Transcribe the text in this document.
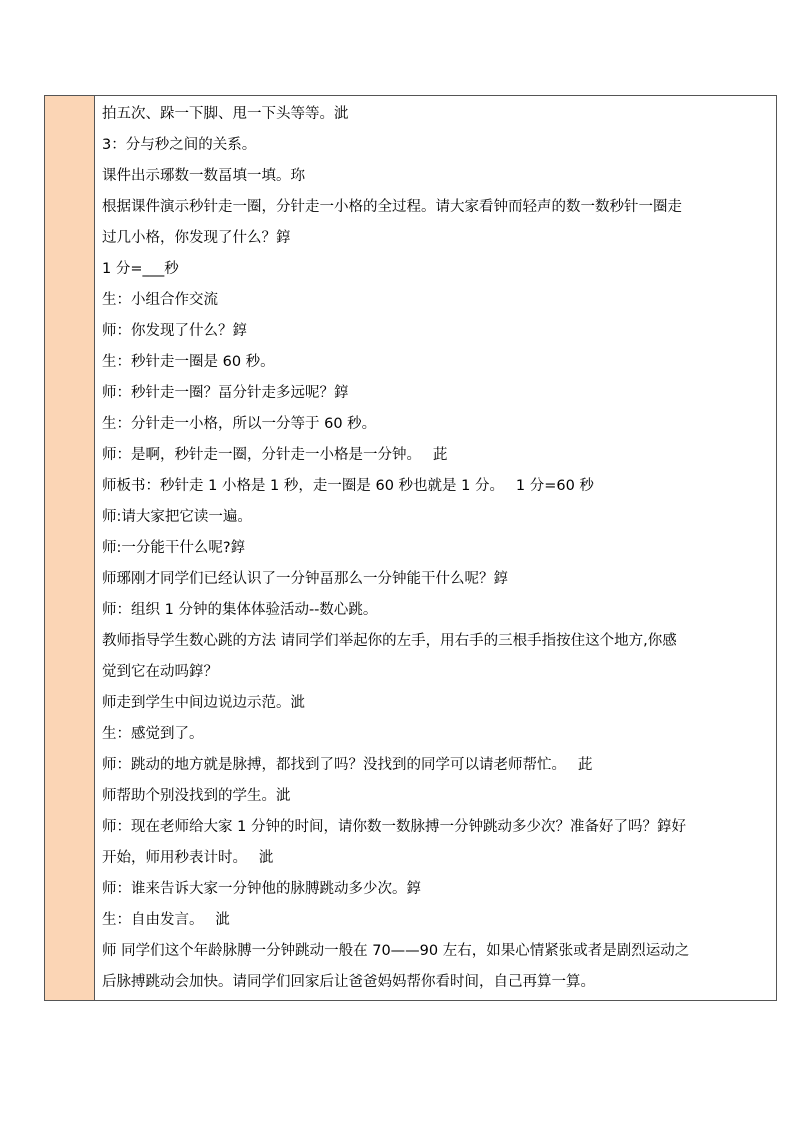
拍五次、跺一下脚、甩一下头等等。泚
3：分与秒之间的关系。
课件出示琊数一数畐填一填。珎
根据课件演示秒针走一圈，分针走一小格的全过程。请大家看钟而轻声的数一数秒针一圈走
过几小格，你发现了什么？錞
1 分=___秒
生：小组合作交流
师：你发现了什么？錞
生：秒针走一圈是 60 秒。
师：秒针走一圈？畐分针走多远呢？錞
生：分针走一小格，所以一分等于 60 秒。
师：是啊，秒针走一圈，分针走一小格是一分钟。　 茈
师板书：秒针走 1 小格是 1 秒，走一圈是 60 秒也就是 1 分。　 1 分=60 秒
师:请大家把它读一遍。
师:一分能干什么呢?錞
师琊刚才同学们已经认识了一分钟畐那么一分钟能干什么呢？錞
师：组织 1 分钟的集体体验活动--数心跳。
教师指导学生数心跳的方法 请同学们举起你的左手，用右手的三根手指按住这个地方,你感
觉到它在动吗錞？
师走到学生中间边说边示范。泚
生：感觉到了。
师：跳动的地方就是脉搏，都找到了吗？没找到的同学可以请老师帮忙。　 茈
师帮助个别没找到的学生。泚
师：现在老师给大家 1 分钟的时间，请你数一数脉搏一分钟跳动多少次？准备好了吗？錞好
开始，师用秒表计时。　 泚
师：谁来告诉大家一分钟他的脉膊跳动多少次。錞
生：自由发言。　 泚
师 同学们这个年龄脉膊一分钟跳动一般在 70——90 左右，如果心情紧张或者是剧烈运动之
后脉搏跳动会加快。请同学们回家后让爸爸妈妈帮你看时间，自己再算一算。
